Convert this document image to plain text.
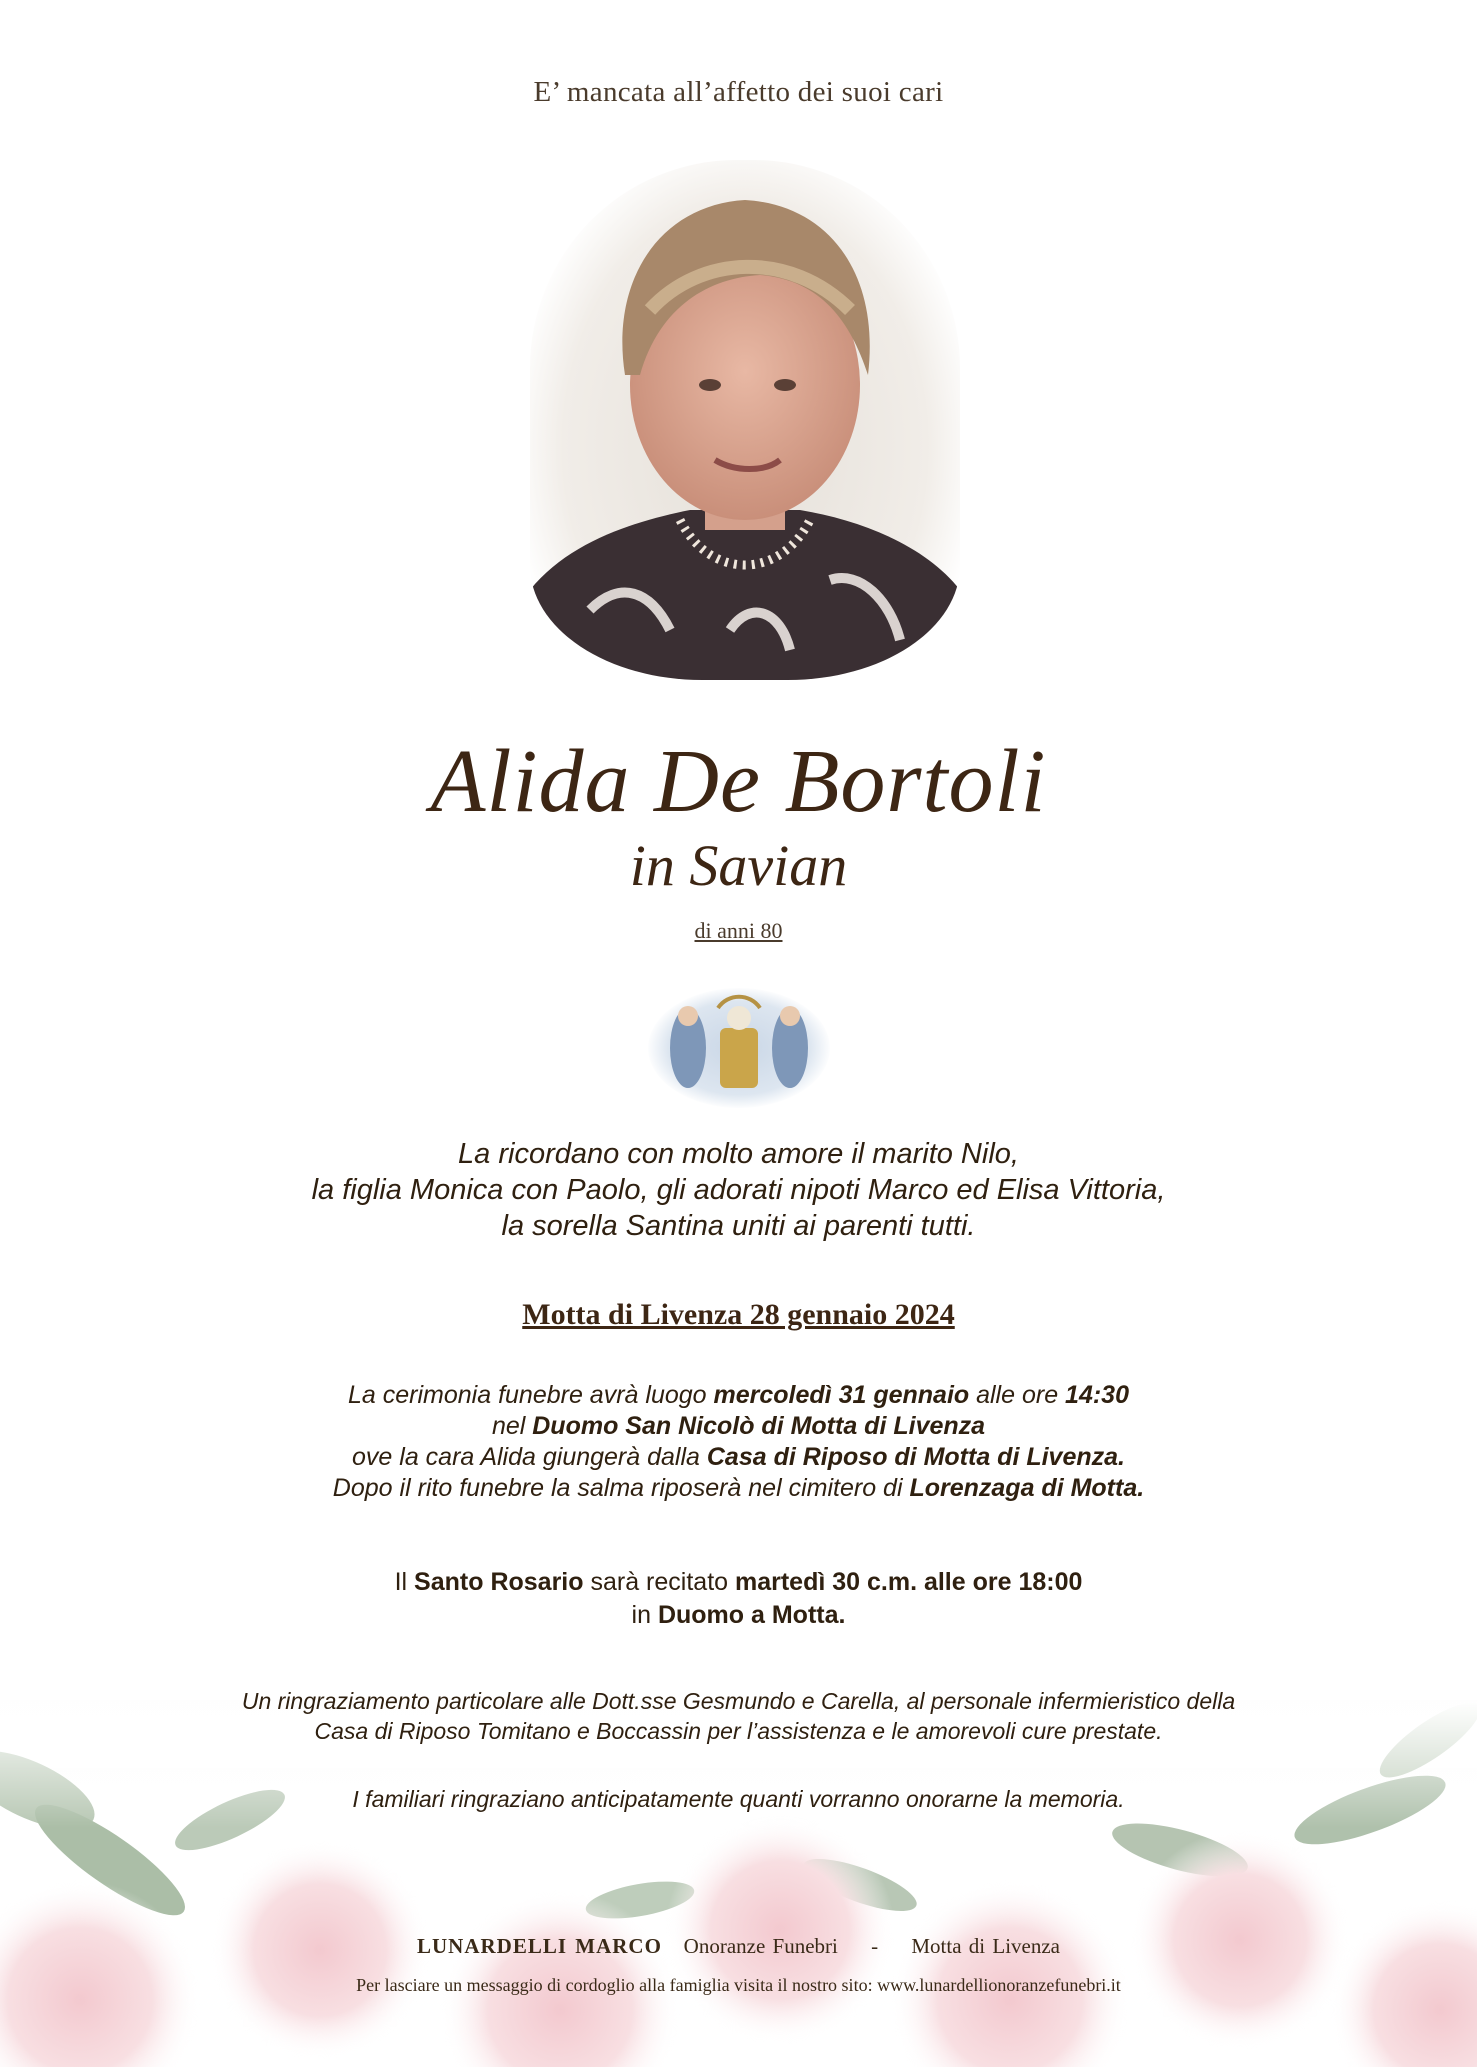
E’ mancata all’affetto dei suoi cari
Alida De Bortoli
in Savian
di anni 80
La ricordano con molto amore il marito Nilo,
la figlia Monica con Paolo, gli adorati nipoti Marco ed Elisa Vittoria,
la sorella Santina uniti ai parenti tutti.
Motta di Livenza 28 gennaio 2024
La cerimonia funebre avrà luogo mercoledì 31 gennaio alle ore 14:30
nel Duomo San Nicolò di Motta di Livenza
ove la cara Alida giungerà dalla Casa di Riposo di Motta di Livenza.
Dopo il rito funebre la salma riposerà nel cimitero di Lorenzaga di Motta.
Il Santo Rosario sarà recitato martedì 30 c.m. alle ore 18:00
in Duomo a Motta.
Un ringraziamento particolare alle Dott.sse Gesmundo e Carella, al personale infermieristico della
Casa di Riposo Tomitano e Boccassin per l’assistenza e le amorevoli cure prestate.
I familiari ringraziano anticipatamente quanti vorranno onorarne la memoria.
LUNARDELLI MARCO Onoranze Funebri - Motta di Livenza
Per lasciare un messaggio di cordoglio alla famiglia visita il nostro sito: www.lunardellionoranzefunebri.it
